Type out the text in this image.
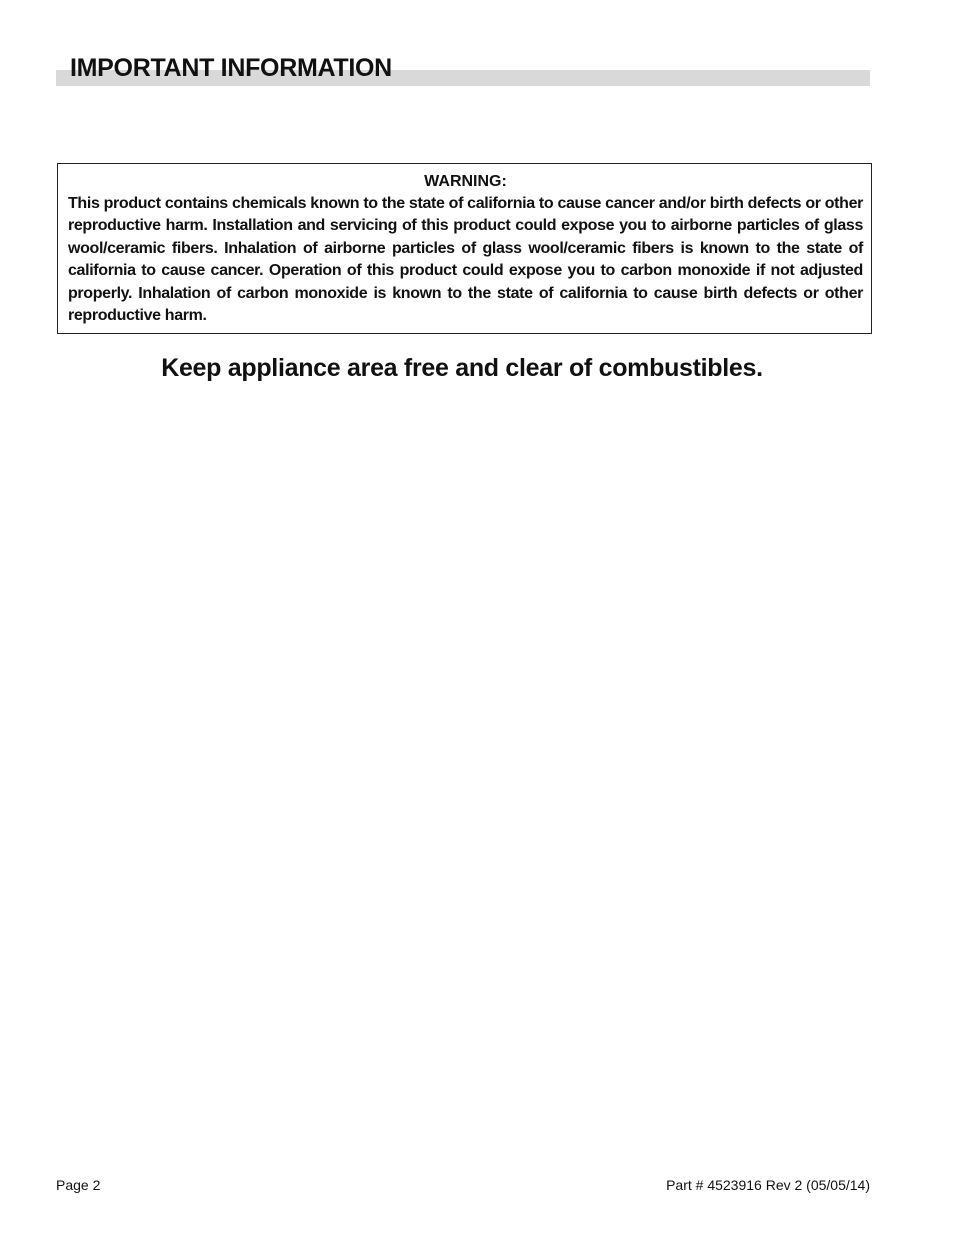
IMPORTANT INFORMATION

WARNING:

This product contains chemicals known to the state of california to cause cancer and/or birth defects or other reproductive harm. Installation and servicing of this product could expose you to airborne particles of glass wool/ceramic fibers. Inhalation of airborne particles of glass wool/ceramic fibers is known to the state of california to cause cancer. Operation of this product could expose you to carbon monoxide if not adjusted properly. Inhalation of carbon monoxide is known to the state of california to cause birth defects or other reproductive harm.

Keep appliance area free and clear of combustibles.

Page 2	Part # 4523916 Rev 2 (05/05/14)
